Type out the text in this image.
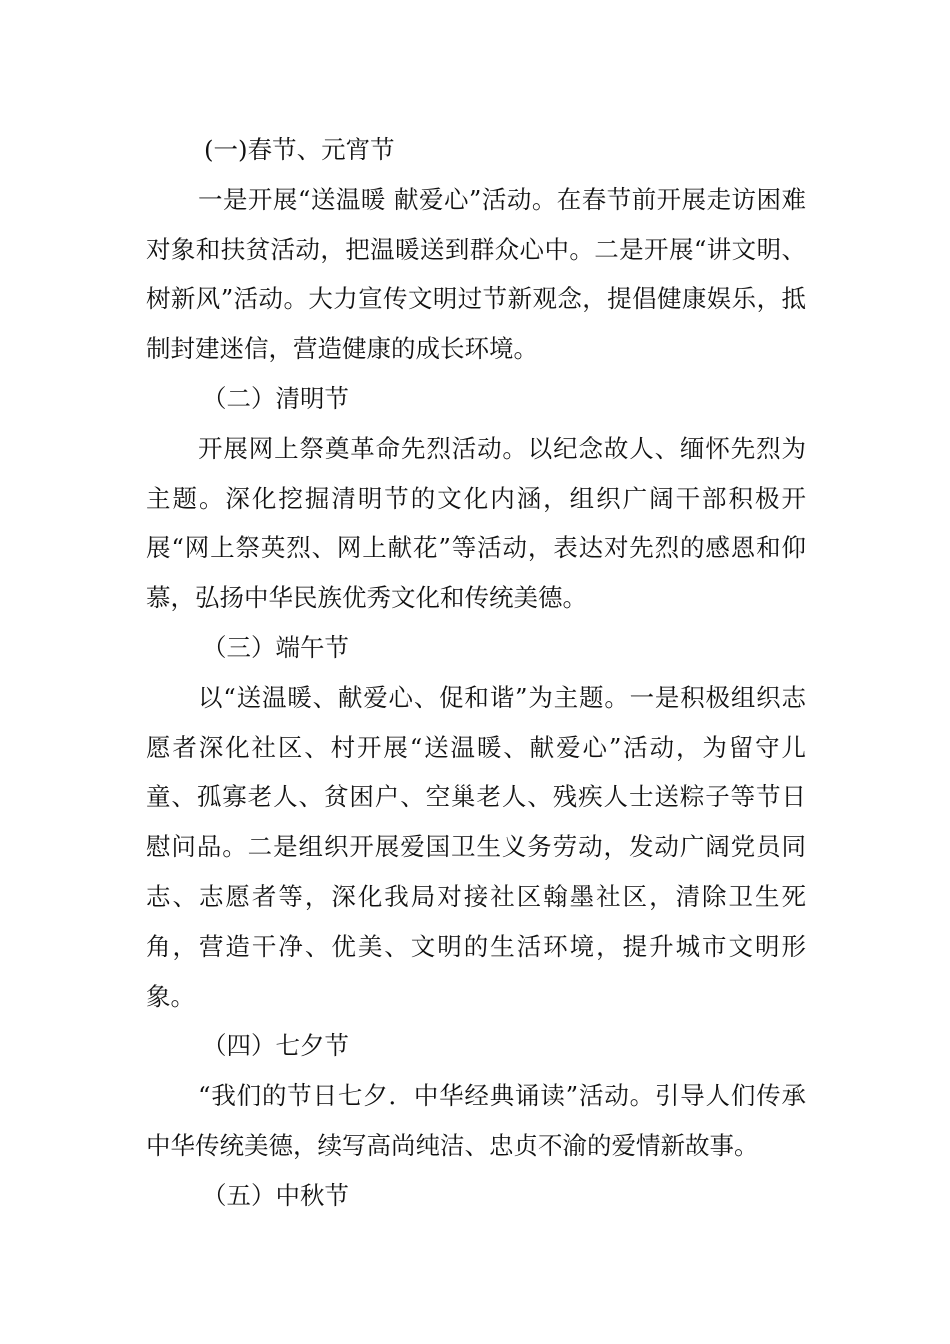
(一)春节、元宵节

一是开展“送温暖 献爱心”活动。在春节前开展走访困难对象和扶贫活动，把温暖送到群众心中。二是开展“讲文明、树新风”活动。大力宣传文明过节新观念，提倡健康娱乐，抵制封建迷信，营造健康的成长环境。

（二）清明节

开展网上祭奠革命先烈活动。以纪念故人、缅怀先烈为主题。深化挖掘清明节的文化内涵，组织广阔干部积极开展“网上祭英烈、网上献花”等活动，表达对先烈的感恩和仰慕，弘扬中华民族优秀文化和传统美德。

（三）端午节

以“送温暖、献爱心、促和谐”为主题。一是积极组织志愿者深化社区、村开展“送温暖、献爱心”活动，为留守儿童、孤寡老人、贫困户、空巢老人、残疾人士送粽子等节日慰问品。二是组织开展爱国卫生义务劳动，发动广阔党员同志、志愿者等，深化我局对接社区翰墨社区，清除卫生死角，营造干净、优美、文明的生活环境，提升城市文明形象。

（四）七夕节

“我们的节日七夕．中华经典诵读”活动。引导人们传承中华传统美德，续写高尚纯洁、忠贞不渝的爱情新故事。

（五）中秋节
